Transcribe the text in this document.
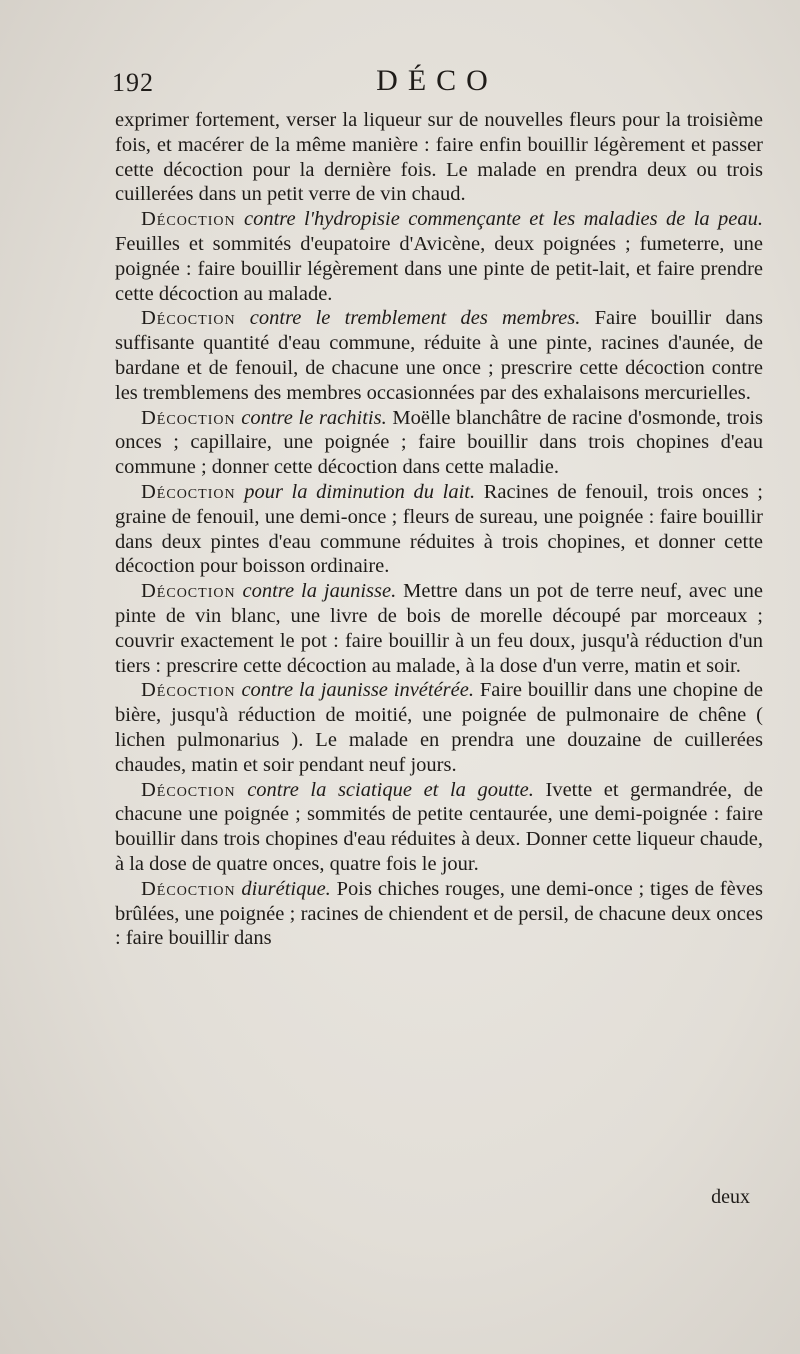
192	DÉCO

exprimer fortement, verser la liqueur sur de nouvelles fleurs pour la troisième fois, et macérer de la même manière : faire enfin bouillir légèrement et passer cette décoction pour la dernière fois. Le malade en prendra deux ou trois cuillerées dans un petit verre de vin chaud.

Décoction contre l'hydropisie commençante et les maladies de la peau. Feuilles et sommités d'eupatoire d'Avicène, deux poignées ; fumeterre, une poignée : faire bouillir légèrement dans une pinte de petit-lait, et faire prendre cette décoction au malade.

Décoction contre le tremblement des membres. Faire bouillir dans suffisante quantité d'eau commune, réduite à une pinte, racines d'aunée, de bardane et de fenouil, de chacune une once ; prescrire cette décoction contre les tremblemens des membres occasionnées par des exhalaisons mercurielles.

Décoction contre le rachitis. Moëlle blanchâtre de racine d'osmonde, trois onces ; capillaire, une poignée ; faire bouillir dans trois chopines d'eau commune ; donner cette décoction dans cette maladie.

Décoction pour la diminution du lait. Racines de fenouil, trois onces ; graine de fenouil, une demi-once ; fleurs de sureau, une poignée : faire bouillir dans deux pintes d'eau commune réduites à trois chopines, et donner cette décoction pour boisson ordinaire.

Décoction contre la jaunisse. Mettre dans un pot de terre neuf, avec une pinte de vin blanc, une livre de bois de morelle découpé par morceaux ; couvrir exactement le pot : faire bouillir à un feu doux, jusqu'à réduction d'un tiers : prescrire cette décoction au malade, à la dose d'un verre, matin et soir.

Décoction contre la jaunisse invétérée. Faire bouillir dans une chopine de bière, jusqu'à réduction de moitié, une poignée de pulmonaire de chêne ( lichen pulmonarius ). Le malade en prendra une douzaine de cuillerées chaudes, matin et soir pendant neuf jours.

Décoction contre la sciatique et la goutte. Ivette et germandrée, de chacune une poignée ; sommités de petite centaurée, une demi-poignée : faire bouillir dans trois chopines d'eau réduites à deux. Donner cette liqueur chaude, à la dose de quatre onces, quatre fois le jour.

Décoction diurétique. Pois chiches rouges, une demi-once ; tiges de fèves brûlées, une poignée ; racines de chiendent et de persil, de chacune deux onces : faire bouillir dans

deux
